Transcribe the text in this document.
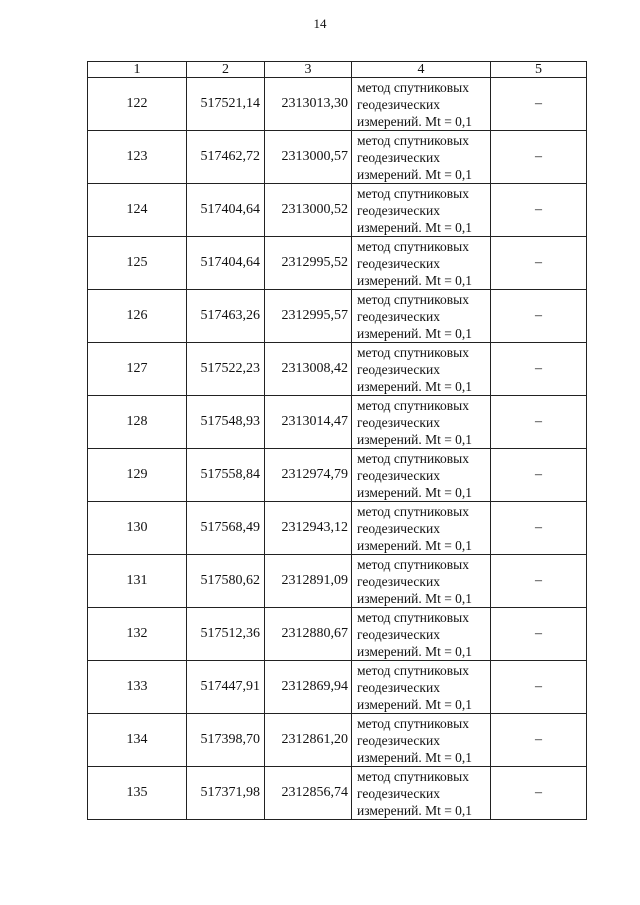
14
1	2	3	4	5
122	517521,14	2313013,30	метод спутниковых
геодезических
измерений. Mt = 0,1	–
123	517462,72	2313000,57	метод спутниковых
геодезических
измерений. Mt = 0,1	–
124	517404,64	2313000,52	метод спутниковых
геодезических
измерений. Mt = 0,1	–
125	517404,64	2312995,52	метод спутниковых
геодезических
измерений. Mt = 0,1	–
126	517463,26	2312995,57	метод спутниковых
геодезических
измерений. Mt = 0,1	–
127	517522,23	2313008,42	метод спутниковых
геодезических
измерений. Mt = 0,1	–
128	517548,93	2313014,47	метод спутниковых
геодезических
измерений. Mt = 0,1	–
129	517558,84	2312974,79	метод спутниковых
геодезических
измерений. Mt = 0,1	–
130	517568,49	2312943,12	метод спутниковых
геодезических
измерений. Mt = 0,1	–
131	517580,62	2312891,09	метод спутниковых
геодезических
измерений. Mt = 0,1	–
132	517512,36	2312880,67	метод спутниковых
геодезических
измерений. Mt = 0,1	–
133	517447,91	2312869,94	метод спутниковых
геодезических
измерений. Mt = 0,1	–
134	517398,70	2312861,20	метод спутниковых
геодезических
измерений. Mt = 0,1	–
135	517371,98	2312856,74	метод спутниковых
геодезических
измерений. Mt = 0,1	–
